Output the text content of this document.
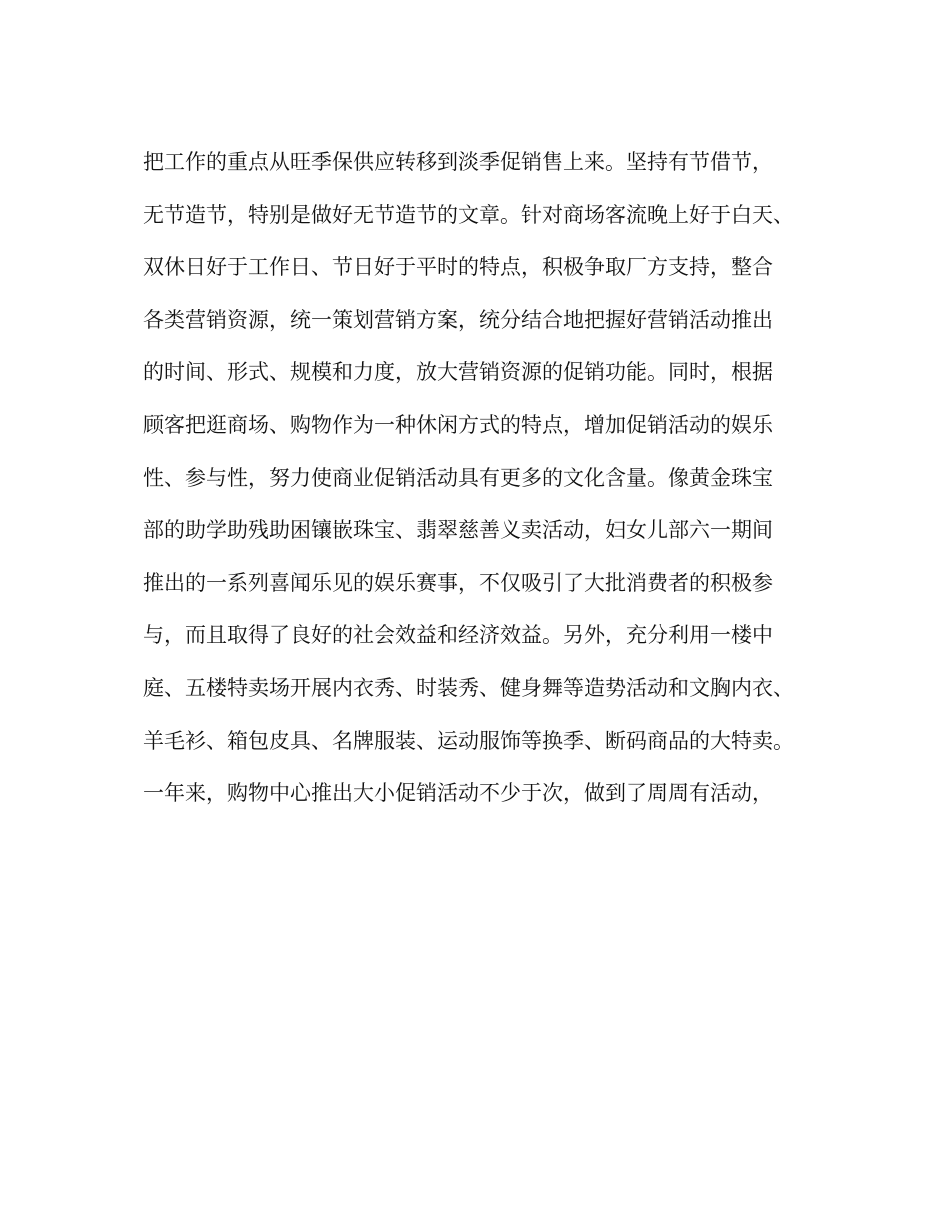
把工作的重点从旺季保供应转移到淡季促销售上来。坚持有节借节，
无节造节，特别是做好无节造节的文章。针对商场客流晚上好于白天、
双休日好于工作日、节日好于平时的特点，积极争取厂方支持，整合
各类营销资源，统一策划营销方案，统分结合地把握好营销活动推出
的时间、形式、规模和力度，放大营销资源的促销功能。同时，根据
顾客把逛商场、购物作为一种休闲方式的特点，增加促销活动的娱乐
性、参与性，努力使商业促销活动具有更多的文化含量。像黄金珠宝
部的助学助残助困镶嵌珠宝、翡翠慈善义卖活动，妇女儿部六一期间
推出的一系列喜闻乐见的娱乐赛事，不仅吸引了大批消费者的积极参
与，而且取得了良好的社会效益和经济效益。另外，充分利用一楼中
庭、五楼特卖场开展内衣秀、时装秀、健身舞等造势活动和文胸内衣、
羊毛衫、箱包皮具、名牌服装、运动服饰等换季、断码商品的大特卖。
一年来，购物中心推出大小促销活动不少于次，做到了周周有活动，
